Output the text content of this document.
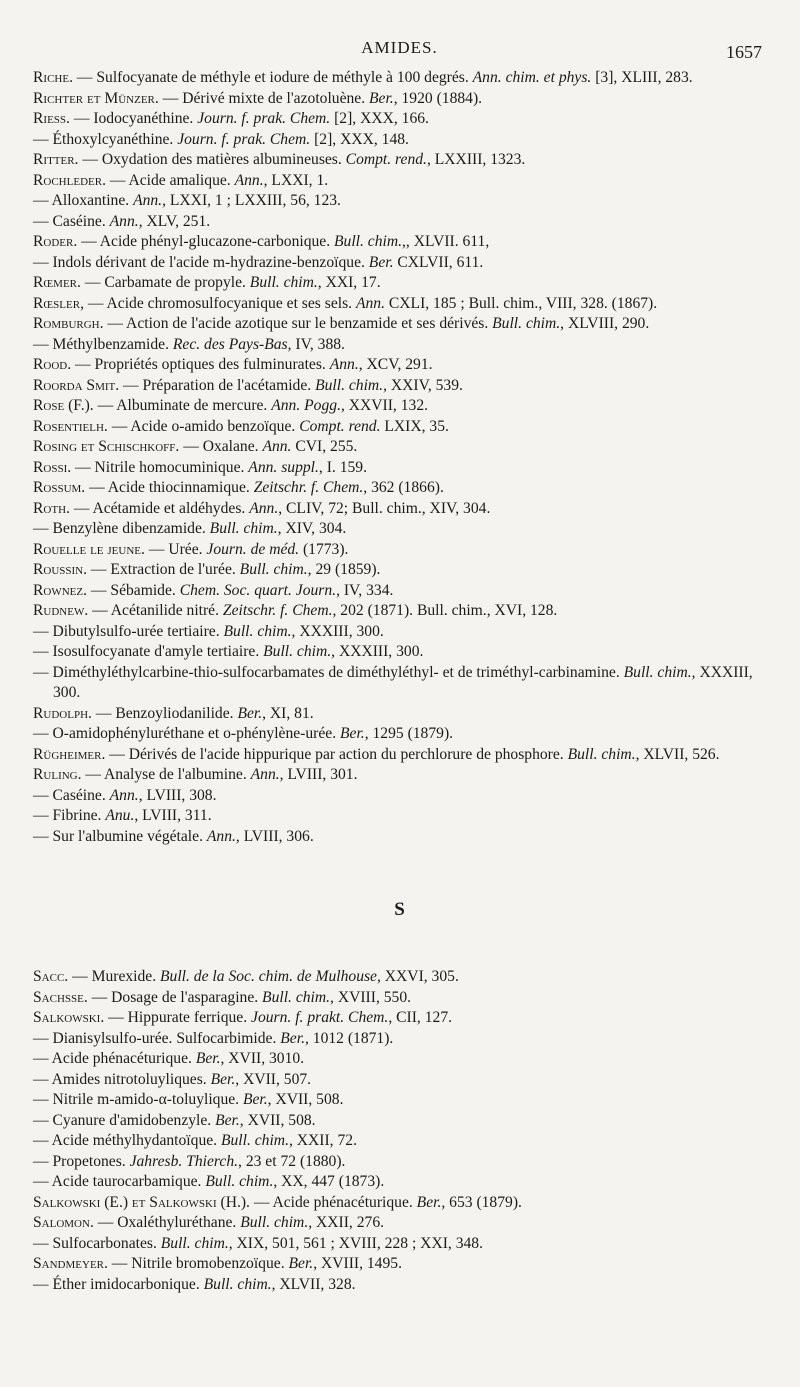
AMIDES.	1657
Riche. — Sulfocyanate de méthyle et iodure de méthyle à 100 degrés. Ann. chim. et phys. [3], XLIII, 283.
Richter et Münzer. — Dérivé mixte de l'azotoluène. Ber., 1920 (1884).
Riess. — Iodocyanéthine. Journ. f. prak. Chem. [2], XXX, 166.
— Éthoxylcyanéthine. Journ. f. prak. Chem. [2], XXX, 148.
Ritter. — Oxydation des matières albumineuses. Compt. rend., LXXIII, 1323.
Rochleder. — Acide amalique. Ann., LXXI, 1.
— Alloxantine. Ann., LXXI, 1 ; LXXIII, 56, 123.
— Caséine. Ann., XLV, 251.
Roder. — Acide phényl-glucazone-carbonique. Bull. chim.,, XLVII. 611,
— Indols dérivant de l'acide m-hydrazine-benzoïque. Ber. CXLVII, 611.
Rœmer. — Carbamate de propyle. Bull. chim., XXI, 17.
Rœsler, — Acide chromosulfocyanique et ses sels. Ann. CXLI, 185 ; Bull. chim., VIII, 328. (1867).
Romburgh. — Action de l'acide azotique sur le benzamide et ses dérivés. Bull. chim., XLVIII, 290.
— Méthylbenzamide. Rec. des Pays-Bas, IV, 388.
Rood. — Propriétés optiques des fulminurates. Ann., XCV, 291.
Roorda Smit. — Préparation de l'acétamide. Bull. chim., XXIV, 539.
Rose (F.). — Albuminate de mercure. Ann. Pogg., XXVII, 132.
Rosentielh. — Acide o-amido benzoïque. Compt. rend. LXIX, 35.
Rosing et Schischkoff. — Oxalane. Ann. CVI, 255.
Rossi. — Nitrile homocuminique. Ann. suppl., I. 159.
Rossum. — Acide thiocinnamique. Zeitschr. f. Chem., 362 (1866).
Roth. — Acétamide et aldéhydes. Ann., CLIV, 72; Bull. chim., XIV, 304.
— Benzylène dibenzamide. Bull. chim., XIV, 304.
Rouelle le jeune. — Urée. Journ. de méd. (1773).
Roussin. — Extraction de l'urée. Bull. chim., 29 (1859).
Rownez. — Sébamide. Chem. Soc. quart. Journ., IV, 334.
Rudnew. — Acétanilide nitré. Zeitschr. f. Chem., 202 (1871). Bull. chim., XVI, 128.
— Dibutylsulfo-urée tertiaire. Bull. chim., XXXIII, 300.
— Isosulfocyanate d'amyle tertiaire. Bull. chim., XXXIII, 300.
— Diméthyléthylcarbine-thio-sulfocarbamates de diméthyléthyl- et de triméthyl-carbinamine. Bull. chim., XXXIII, 300.
Rudolph. — Benzoyliodanilide. Ber., XI, 81.
— O-amidophényluréthane et o-phénylène-urée. Ber., 1295 (1879).
Rügheimer. — Dérivés de l'acide hippurique par action du perchlorure de phosphore. Bull. chim., XLVII, 526.
Ruling. — Analyse de l'albumine. Ann., LVIII, 301.
— Caséine. Ann., LVIII, 308.
— Fibrine. Anu., LVIII, 311.
— Sur l'albumine végétale. Ann., LVIII, 306.
S
Sacc. — Murexide. Bull. de la Soc. chim. de Mulhouse, XXVI, 305.
Sachsse. — Dosage de l'asparagine. Bull. chim., XVIII, 550.
Salkowski. — Hippurate ferrique. Journ. f. prakt. Chem., CII, 127.
— Dianisylsulfo-urée. Sulfocarbimide. Ber., 1012 (1871).
— Acide phénacéturique. Ber., XVII, 3010.
— Amides nitrotoluyliques. Ber., XVII, 507.
— Nitrile m-amido-α-toluylique. Ber., XVII, 508.
— Cyanure d'amidobenzyle. Ber., XVII, 508.
— Acide méthylhydantoïque. Bull. chim., XXII, 72.
— Propetones. Jahresb. Thierch., 23 et 72 (1880).
— Acide taurocarbamique. Bull. chim., XX, 447 (1873).
Salkowski (E.) et Salkowski (H.). — Acide phénacéturique. Ber., 653 (1879).
Salomon. — Oxaléthyluréthane. Bull. chim., XXII, 276.
— Sulfocarbonates. Bull. chim., XIX, 501, 561 ; XVIII, 228 ; XXI, 348.
Sandmeyer. — Nitrile bromobenzoïque. Ber., XVIII, 1495.
— Éther imidocarbonique. Bull. chim., XLVII, 328.
